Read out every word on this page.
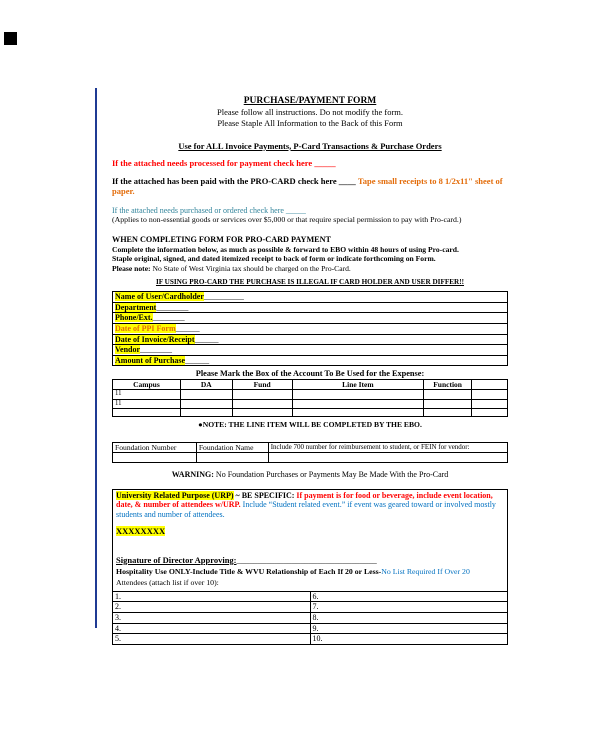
PURCHASE/PAYMENT FORM
Please follow all instructions. Do not modify the form.
Please Staple All Information to the Back of this Form
Use for ALL Invoice Payments, P-Card Transactions & Purchase Orders
If the attached needs processed for payment check here _____
If the attached has been paid with the PRO-CARD check here ____ Tape small receipts to 8 1/2x11" sheet of paper.
If the attached needs purchased or ordered check here _____
(Applies to non-essential goods or services over $5,000 or that require special permission to pay with Pro-card.)
WHEN COMPLETING FORM FOR PRO-CARD PAYMENT
Complete the information below, as much as possible & forward to EBO within 48 hours of using Pro-card.
Staple original, signed, and dated itemized receipt to back of form or indicate forthcoming on Form.
Please note: No State of West Virginia tax should be charged on the Pro-Card.
IF USING PRO-CARD THE PURCHASE IS ILLEGAL IF CARD HOLDER AND USER DIFFER!!
Name of User/Cardholder__________
Department________
Phone/Ext.________
Date of PPI Form______
Date of Invoice/Receipt______
Vendor________
Amount of Purchase______
Please Mark the Box of the Account To Be Used for the Expense:
Campus	DA	Fund	Line Item	Function	
11					
11					

●NOTE: THE LINE ITEM WILL BE COMPLETED BY THE EBO.
Foundation Number	Foundation Name	Include 700 number for reimbursement to student, or FEIN for vendor:

WARNING: No Foundation Purchases or Payments May Be Made With the Pro-Card
University Related Purpose (URP) ~ BE SPECIFIC: If payment is for food or beverage, include event location, date, & number of attendees w/URP. Include “Student related event.” if event was geared toward or involved mostly students and number of attendees.
XXXXXXXX
Signature of Director Approving:_________________________________
Hospitality Use ONLY-Include Title & WVU Relationship of Each If 20 or Less-No List Required If Over 20
Attendees (attach list if over 10):
1.	6.
2.	7.
3.	8.
4.	9.
5.	10.
